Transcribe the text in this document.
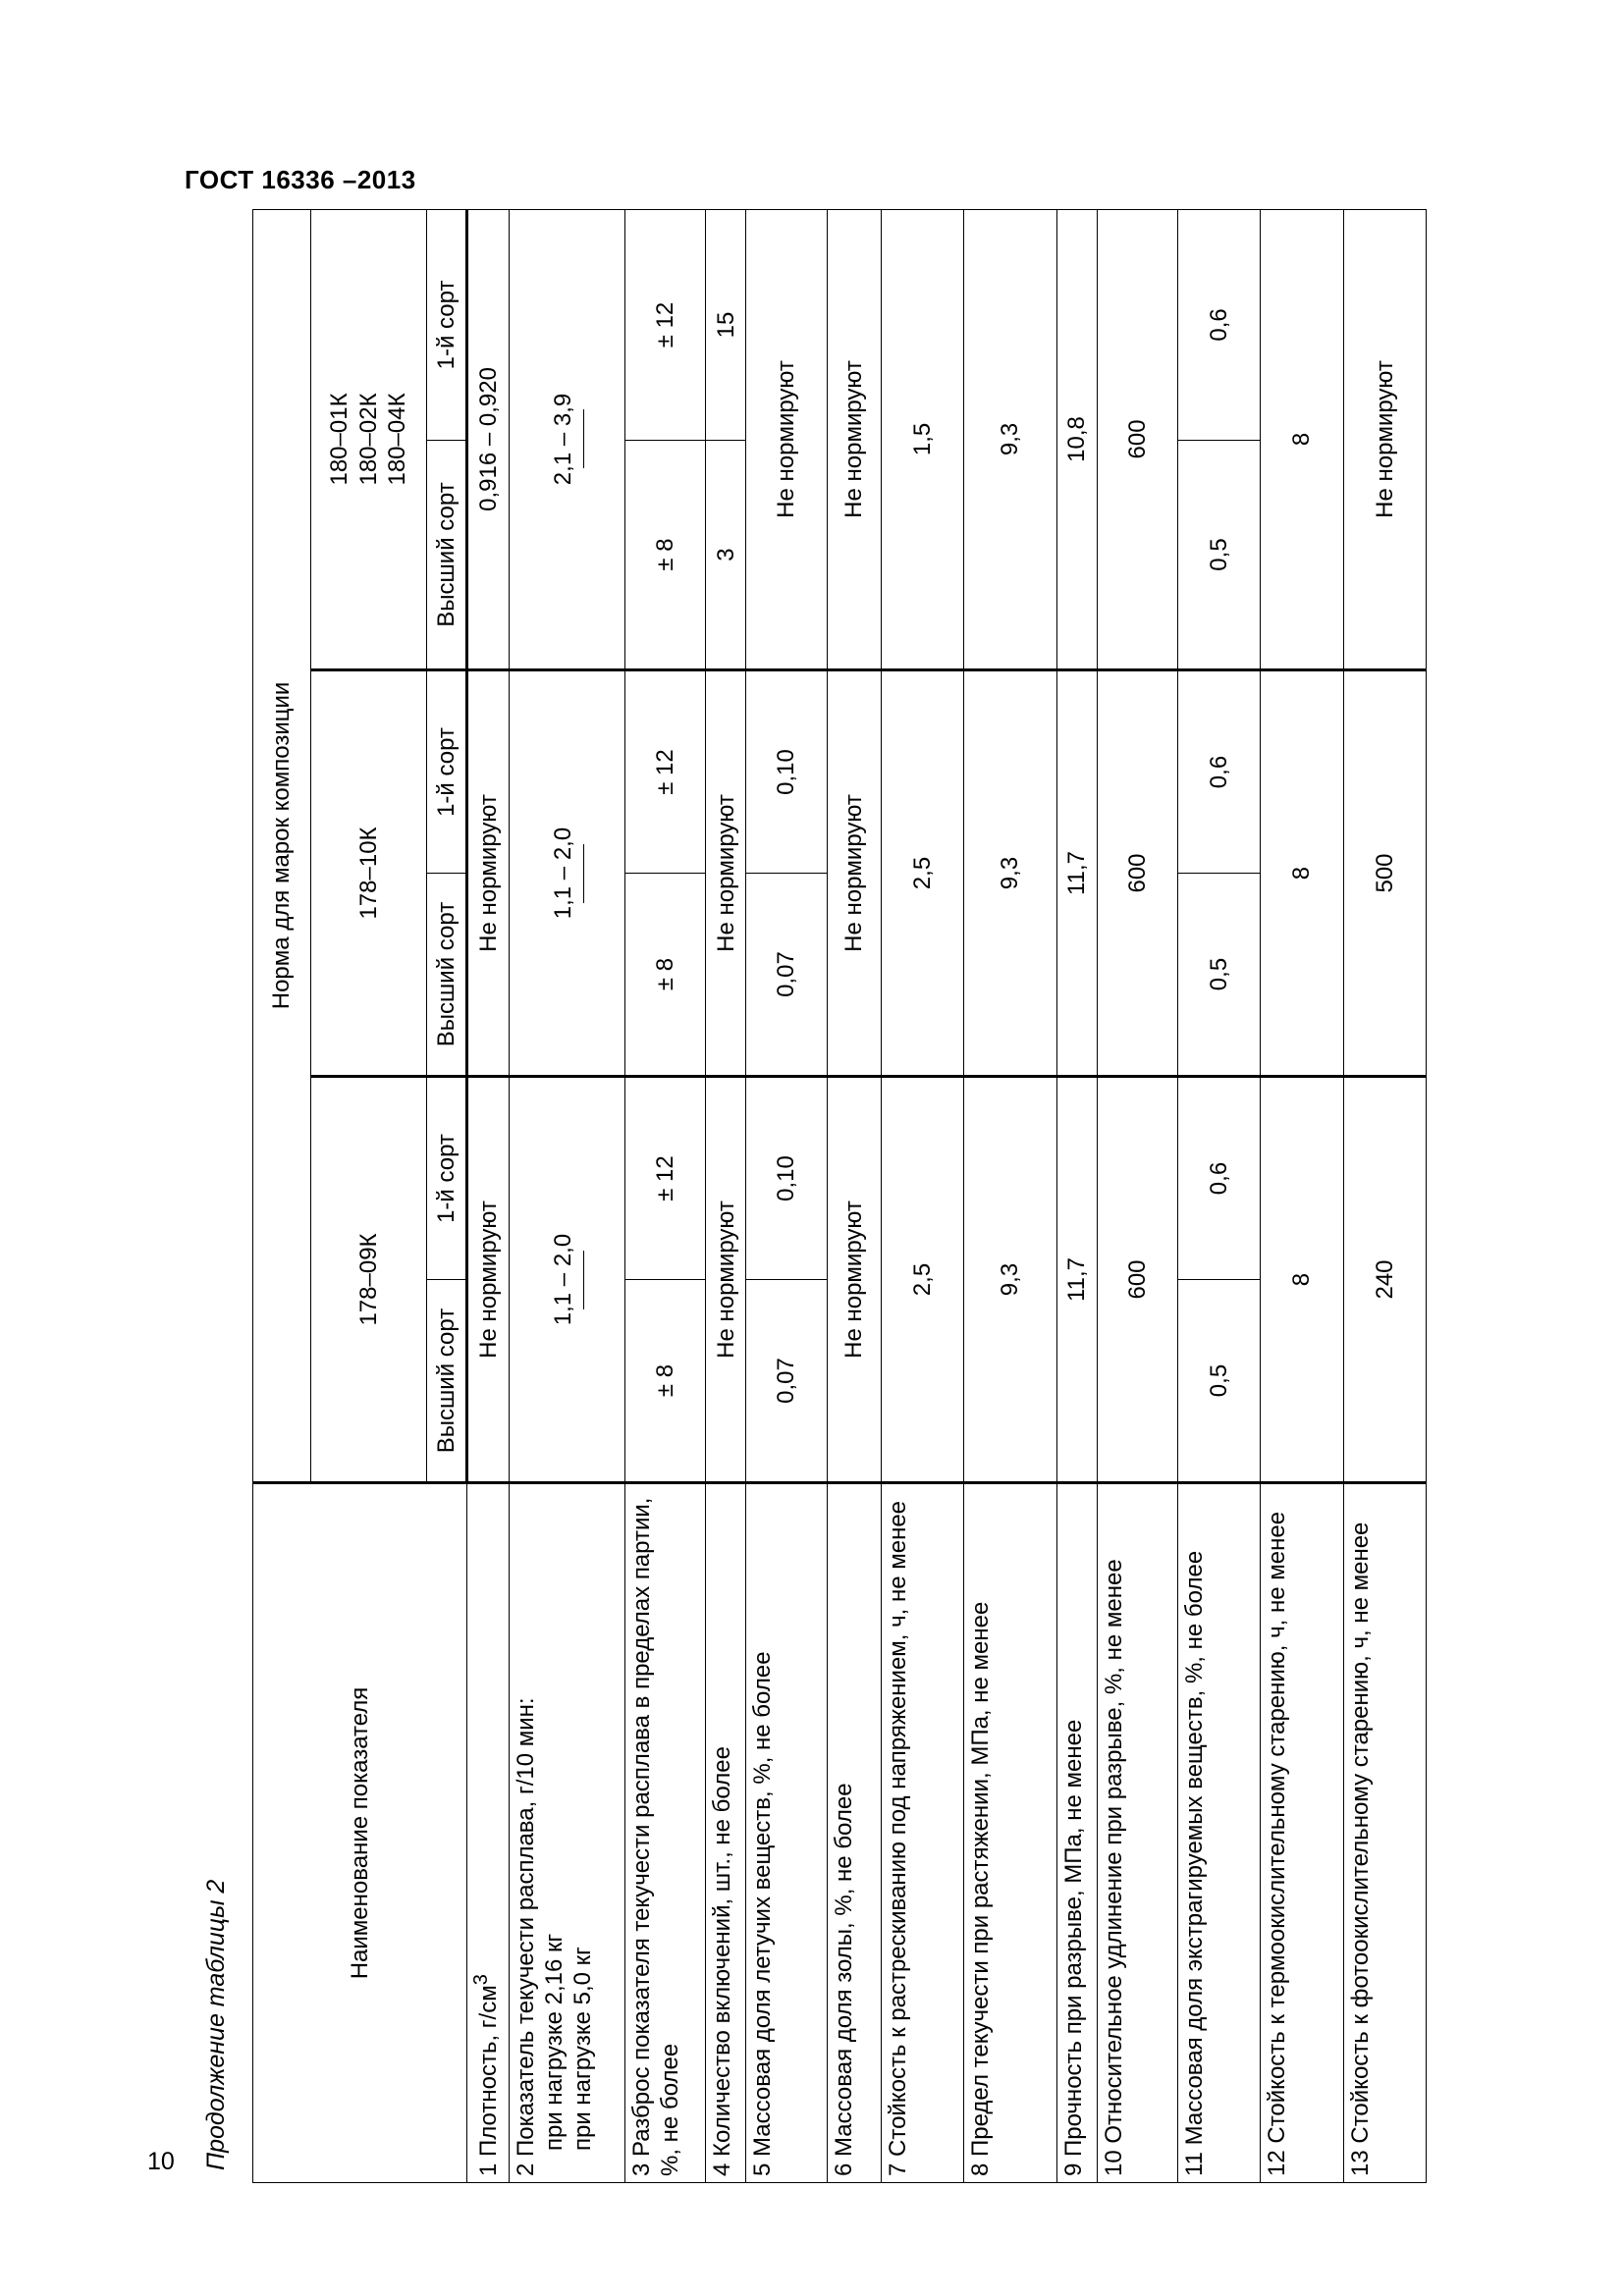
ГОСТ 16336 –2013
Продолжение таблицы 2
10
Наименование показателя	Норма для марок композиции					
	178–09К		178–10К		180–01К
180–02К
180–04К	
	Высший сорт	1-й сорт	Высший сорт	1-й сорт	Высший сорт	1-й сорт
1 Плотность, $г/см^3$	Не нормируют		Не нормируют		0,916 – 0,920	

2 Показатель текучести расплава, г/10 мин: при нагрузке 2,16 кг при нагрузке 5,0 кг	1,1 – 2,0		1,1 – 2,0		2,1 – 3,9	

3 Разброс показателя текучести расплава в пределах партии, %, не более	± 8	± 12	± 8	± 12	± 8	± 12
4 Количество включений, шт., не более	Не нормируют		Не нормируют		3	15
5 Массовая доля летучих веществ, %, не более	0,07	0,10	0,07	0,10	Не нормируют	
6 Массовая доля золы, %, не более	Не нормируют		Не нормируют		Не нормируют	
7 Стойкость к растрескиванию под напряжением, ч, не менее	2,5		2,5		1,5	
8 Предел текучести при растяжении, МПа, не менее	9,3		9,3		9,3	
9 Прочность при разрыве, МПа, не менее	11,7		11,7		10,8	
10 Относительное удлинение при разрыве, %, не менее	600		600		600	
11 Массовая доля экстрагируемых веществ, %, не более	0,5	0,6	0,5	0,6	0,5	0,6
12 Стойкость к термоокислительному старению, ч, не менее	8		8		8	
13 Стойкость к фотоокислительному старению, ч, не менее	240		500		Не нормируют	
